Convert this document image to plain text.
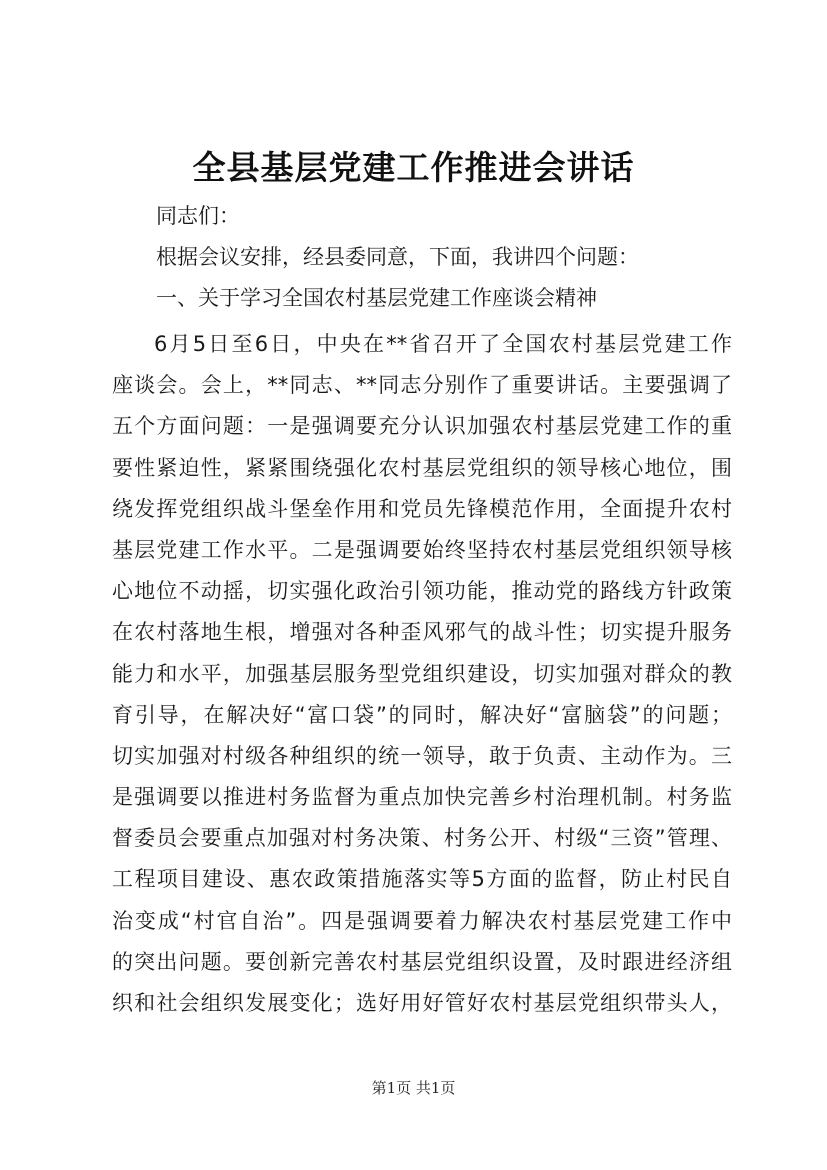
全县基层党建工作推进会讲话
同志们：
根据会议安排，经县委同意，下面，我讲四个问题：
一、关于学习全国农村基层党建工作座谈会精神
6月5日至6日，中央在**省召开了全国农村基层党建工作
座谈会。会上，**同志、**同志分别作了重要讲话。主要强调了
五个方面问题：一是强调要充分认识加强农村基层党建工作的重
要性紧迫性，紧紧围绕强化农村基层党组织的领导核心地位，围
绕发挥党组织战斗堡垒作用和党员先锋模范作用，全面提升农村
基层党建工作水平。二是强调要始终坚持农村基层党组织领导核
心地位不动摇，切实强化政治引领功能，推动党的路线方针政策
在农村落地生根，增强对各种歪风邪气的战斗性；切实提升服务
能力和水平，加强基层服务型党组织建设，切实加强对群众的教
育引导，在解决好“富口袋”的同时，解决好“富脑袋”的问题；
切实加强对村级各种组织的统一领导，敢于负责、主动作为。三
是强调要以推进村务监督为重点加快完善乡村治理机制。村务监
督委员会要重点加强对村务决策、村务公开、村级“三资”管理、
工程项目建设、惠农政策措施落实等5方面的监督，防止村民自
治变成“村官自治”。四是强调要着力解决农村基层党建工作中
的突出问题。要创新完善农村基层党组织设置，及时跟进经济组
织和社会组织发展变化；选好用好管好农村基层党组织带头人，
第1页 共1页
